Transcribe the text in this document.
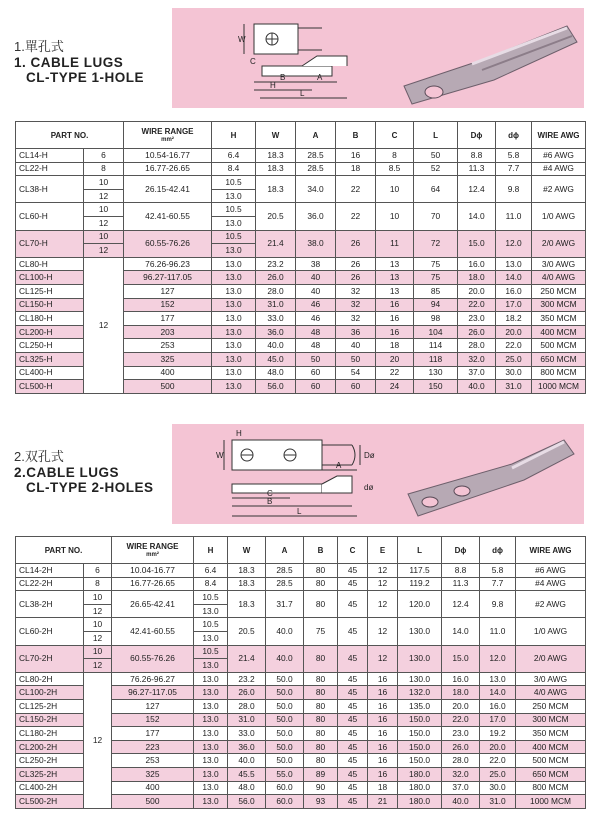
W
C
B
H
A
L
1.單孔式
1. CABLE LUGS
CL-TYPE 1-HOLE
PART NO.		WIRE RANGE
mm²	H	W	A	B	C	L	Dϕ	dϕ	WIRE AWG
CL14-H	6	10.54-16.77	6.4	18.3	28.5	16	8	50	8.8	5.8	#6 AWG
CL22-H	8	16.77-26.65	8.4	18.3	28.5	18	8.5	52	11.3	7.7	#4 AWG
CL38-H	10	26.15-42.41	10.5	18.3	34.0	22	10	64	12.4	9.8	#2 AWG
	12		13.0								
CL60-H	10	42.41-60.55	10.5	20.5	36.0	22	10	70	14.0	11.0	1/0 AWG
	12		13.0								
CL70-H	10	60.55-76.26	10.5	21.4	38.0	26	11	72	15.0	12.0	2/0 AWG
	12		13.0								
CL80-H	12	76.26-96.23	13.0	23.2	38	26	13	75	16.0	13.0	3/0 AWG
CL100-H		96.27-117.05	13.0	26.0	40	26	13	75	18.0	14.0	4/0 AWG
CL125-H		127	13.0	28.0	40	32	13	85	20.0	16.0	250 MCM
CL150-H		152	13.0	31.0	46	32	16	94	22.0	17.0	300 MCM
CL180-H		177	13.0	33.0	46	32	16	98	23.0	18.2	350 MCM
CL200-H		203	13.0	36.0	48	36	16	104	26.0	20.0	400 MCM
CL250-H		253	13.0	40.0	48	40	18	114	28.0	22.0	500 MCM
CL325-H		325	13.0	45.0	50	50	20	118	32.0	25.0	650 MCM
CL400-H		400	13.0	48.0	60	54	22	130	37.0	30.0	800 MCM
CL500-H		500	13.0	56.0	60	60	24	150	40.0	31.0	1000 MCM
H
W
C
B
A
L
Dø
dø
2.双孔式
2.CABLE LUGS
CL-TYPE 2-HOLES
PART NO.		WIRE RANGE
mm²	H	W	A	B	C	E	L	Dϕ	dϕ	WIRE AWG
CL14-2H	6	10.04-16.77	6.4	18.3	28.5	80	45	12	117.5	8.8	5.8	#6 AWG
CL22-2H	8	16.77-26.65	8.4	18.3	28.5	80	45	12	119.2	11.3	7.7	#4 AWG
CL38-2H	10	26.65-42.41	10.5	18.3	31.7	80	45	12	120.0	12.4	9.8	#2 AWG
	12		13.0									
CL60-2H	10	42.41-60.55	10.5	20.5	40.0	75	45	12	130.0	14.0	11.0	1/0 AWG
	12		13.0									
CL70-2H	10	60.55-76.26	10.5	21.4	40.0	80	45	12	130.0	15.0	12.0	2/0 AWG
	12		13.0									
CL80-2H	12	76.26-96.27	13.0	23.2	50.0	80	45	16	130.0	16.0	13.0	3/0 AWG
CL100-2H		96.27-117.05	13.0	26.0	50.0	80	45	16	132.0	18.0	14.0	4/0 AWG
CL125-2H		127	13.0	28.0	50.0	80	45	16	135.0	20.0	16.0	250 MCM
CL150-2H		152	13.0	31.0	50.0	80	45	16	150.0	22.0	17.0	300 MCM
CL180-2H		177	13.0	33.0	50.0	80	45	16	150.0	23.0	19.2	350 MCM
CL200-2H		223	13.0	36.0	50.0	80	45	16	150.0	26.0	20.0	400 MCM
CL250-2H		253	13.0	40.0	50.0	80	45	16	150.0	28.0	22.0	500 MCM
CL325-2H		325	13.0	45.5	55.0	89	45	16	180.0	32.0	25.0	650 MCM
CL400-2H		400	13.0	48.0	60.0	90	45	18	180.0	37.0	30.0	800 MCM
CL500-2H		500	13.0	56.0	60.0	93	45	21	180.0	40.0	31.0	1000 MCM
